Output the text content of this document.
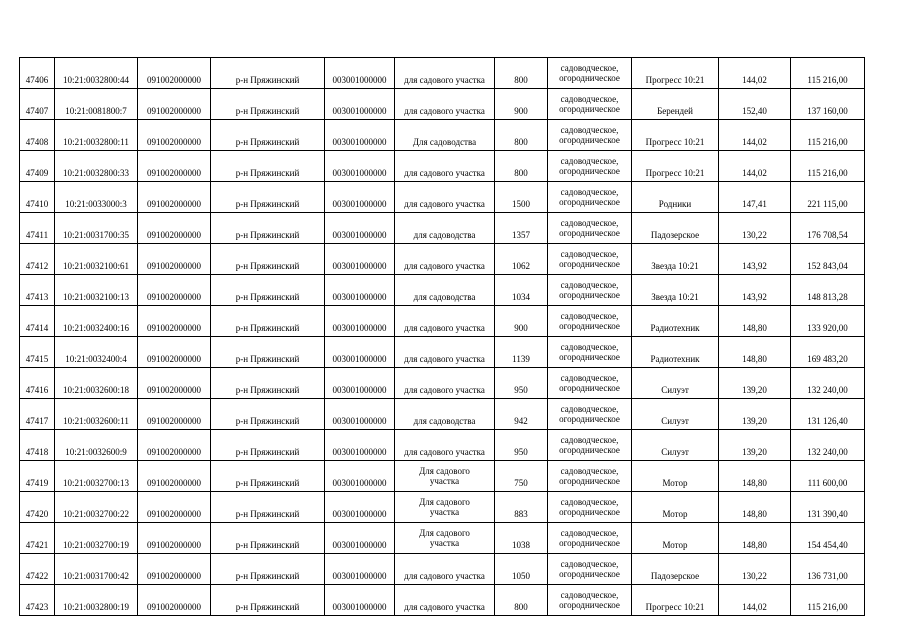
47406	10:21:0032800:44	091002000000	р-н Пряжинский	003001000000	для садового участка	800	садоводческое,
огородническое	Прогресс 10:21	144,02	115 216,00
47407	10:21:0081800:7	091002000000	р-н Пряжинский	003001000000	для садового участка	900	садоводческое,
огородническое	Берендей	152,40	137 160,00
47408	10:21:0032800:11	091002000000	р-н Пряжинский	003001000000	Для садоводства	800	садоводческое,
огородническое	Прогресс 10:21	144,02	115 216,00
47409	10:21:0032800:33	091002000000	р-н Пряжинский	003001000000	для садового участка	800	садоводческое,
огородническое	Прогресс 10:21	144,02	115 216,00
47410	10:21:0033000:3	091002000000	р-н Пряжинский	003001000000	для садового участка	1500	садоводческое,
огородническое	Родники	147,41	221 115,00
47411	10:21:0031700:35	091002000000	р-н Пряжинский	003001000000	для садоводства	1357	садоводческое,
огородническое	Падозерское	130,22	176 708,54
47412	10:21:0032100:61	091002000000	р-н Пряжинский	003001000000	для садового участка	1062	садоводческое,
огородническое	Звезда 10:21	143,92	152 843,04
47413	10:21:0032100:13	091002000000	р-н Пряжинский	003001000000	для садоводства	1034	садоводческое,
огородническое	Звезда 10:21	143,92	148 813,28
47414	10:21:0032400:16	091002000000	р-н Пряжинский	003001000000	для садового участка	900	садоводческое,
огородническое	Радиотехник	148,80	133 920,00
47415	10:21:0032400:4	091002000000	р-н Пряжинский	003001000000	для садового участка	1139	садоводческое,
огородническое	Радиотехник	148,80	169 483,20
47416	10:21:0032600:18	091002000000	р-н Пряжинский	003001000000	для садового участка	950	садоводческое,
огородническое	Силуэт	139,20	132 240,00
47417	10:21:0032600:11	091002000000	р-н Пряжинский	003001000000	для садоводства	942	садоводческое,
огородническое	Силуэт	139,20	131 126,40
47418	10:21:0032600:9	091002000000	р-н Пряжинский	003001000000	для садового участка	950	садоводческое,
огородническое	Силуэт	139,20	132 240,00
47419	10:21:0032700:13	091002000000	р-н Пряжинский	003001000000	Для садового
участка	750	садоводческое,
огородническое	Мотор	148,80	111 600,00
47420	10:21:0032700:22	091002000000	р-н Пряжинский	003001000000	Для садового
участка	883	садоводческое,
огородническое	Мотор	148,80	131 390,40
47421	10:21:0032700:19	091002000000	р-н Пряжинский	003001000000	Для садового
участка	1038	садоводческое,
огородническое	Мотор	148,80	154 454,40
47422	10:21:0031700:42	091002000000	р-н Пряжинский	003001000000	для садового участка	1050	садоводческое,
огородническое	Падозерское	130,22	136 731,00
47423	10:21:0032800:19	091002000000	р-н Пряжинский	003001000000	для садового участка	800	садоводческое,
огородническое	Прогресс 10:21	144,02	115 216,00
